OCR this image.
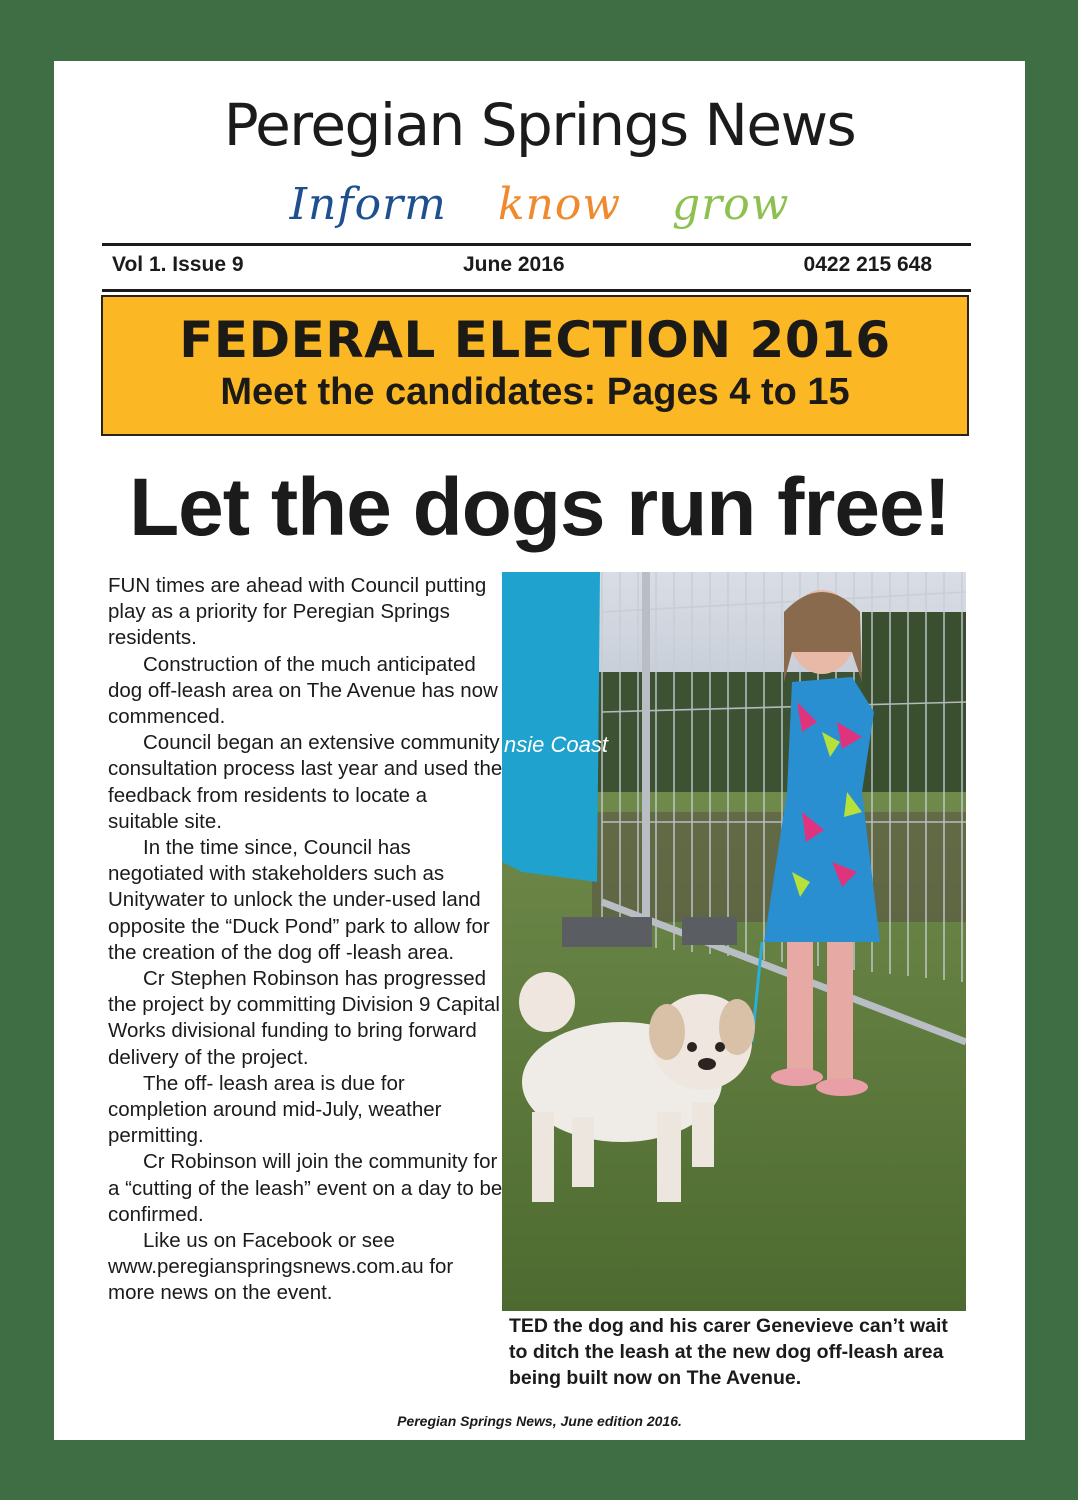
Peregian Springs News
Inform know grow
Vol 1. Issue 9	June 2016	0422 215 648
FEDERAL ELECTION 2016
Meet the candidates: Pages 4 to 15
Let the dogs run free!

FUN times are ahead with Council putting play as a priority for Peregian Springs residents.

Construction of the much anticipated dog off-leash area on The Avenue has now commenced.

Council began an extensive community consultation process last year and used the feedback from residents to locate a suitable site.

In the time since, Council has negotiated with stakeholders such as Unitywater to unlock the under-used land opposite the “Duck Pond” park to allow for the creation of the dog off -leash area.

Cr Stephen Robinson has progressed the project by committing Division 9 Capital Works divisional funding to bring forward delivery of the project.

The off- leash area is due for completion around mid-July, weather permitting.

Cr Robinson will join the community for a “cutting of the leash” event on a day to be confirmed.

Like us on Facebook or see www.peregianspringsnews.com.au for more news on the event.

nsie Coast
TED the dog and his carer Genevieve can’t wait to ditch the leash at the new dog off-leash area being built now on The Avenue.
Peregian Springs News, June edition 2016.
